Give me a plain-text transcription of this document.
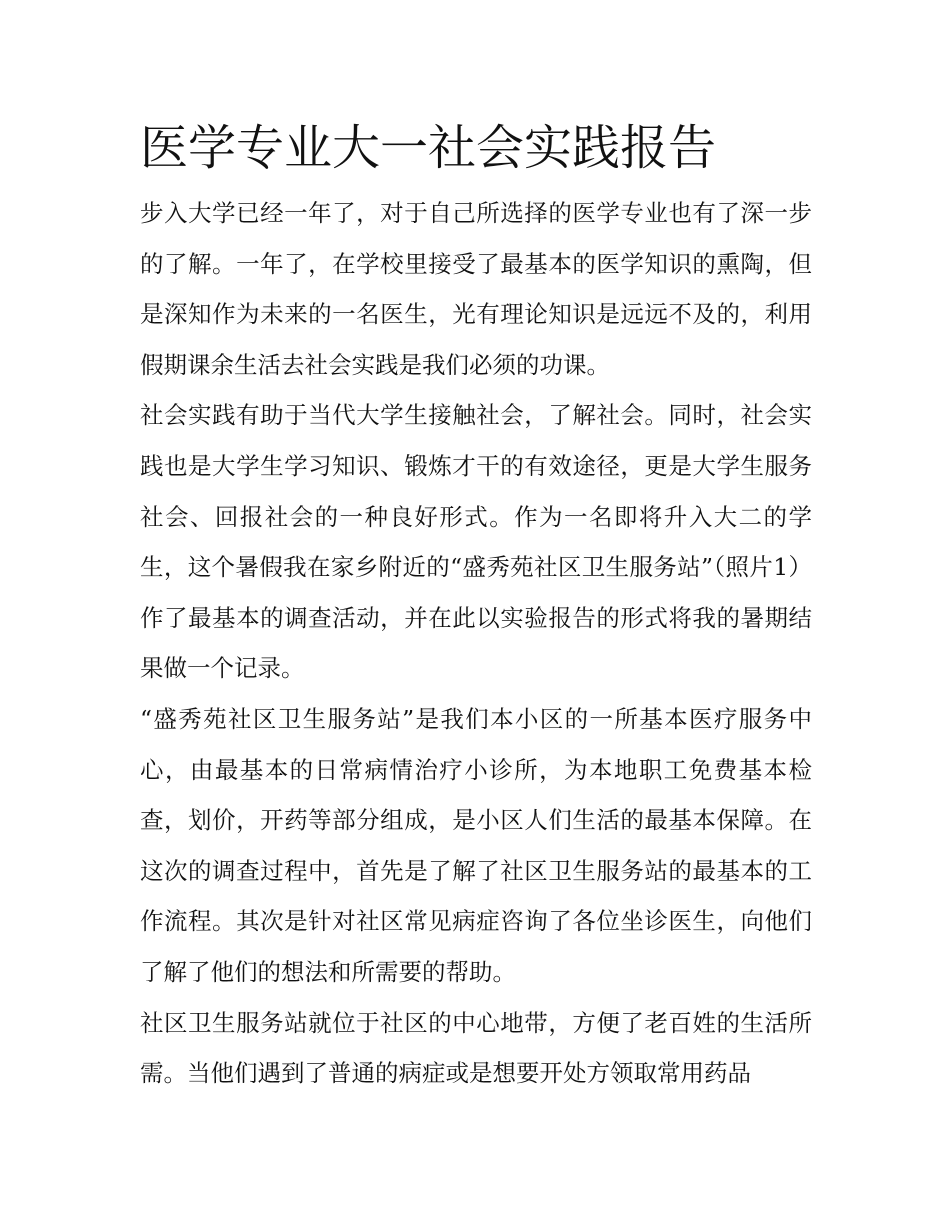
医学专业大一社会实践报告

步入大学已经一年了，对于自己所选择的医学专业也有了深一步的了解。一年了，在学校里接受了最基本的医学知识的熏陶，但是深知作为未来的一名医生，光有理论知识是远远不及的，利用假期课余生活去社会实践是我们必须的功课。

社会实践有助于当代大学生接触社会，了解社会。同时，社会实践也是大学生学习知识、锻炼才干的有效途径，更是大学生服务社会、回报社会的一种良好形式。作为一名即将升入大二的学生，这个暑假我在家乡附近的“盛秀苑社区卫生服务站”（照片1）作了最基本的调查活动，并在此以实验报告的形式将我的暑期结果做一个记录。

“盛秀苑社区卫生服务站”是我们本小区的一所基本医疗服务中心，由最基本的日常病情治疗小诊所，为本地职工免费基本检查，划价，开药等部分组成，是小区人们生活的最基本保障。在这次的调查过程中，首先是了解了社区卫生服务站的最基本的工作流程。其次是针对社区常见病症咨询了各位坐诊医生，向他们了解了他们的想法和所需要的帮助。

社区卫生服务站就位于社区的中心地带，方便了老百姓的生活所需。当他们遇到了普通的病症或是想要开处方领取常用药品
